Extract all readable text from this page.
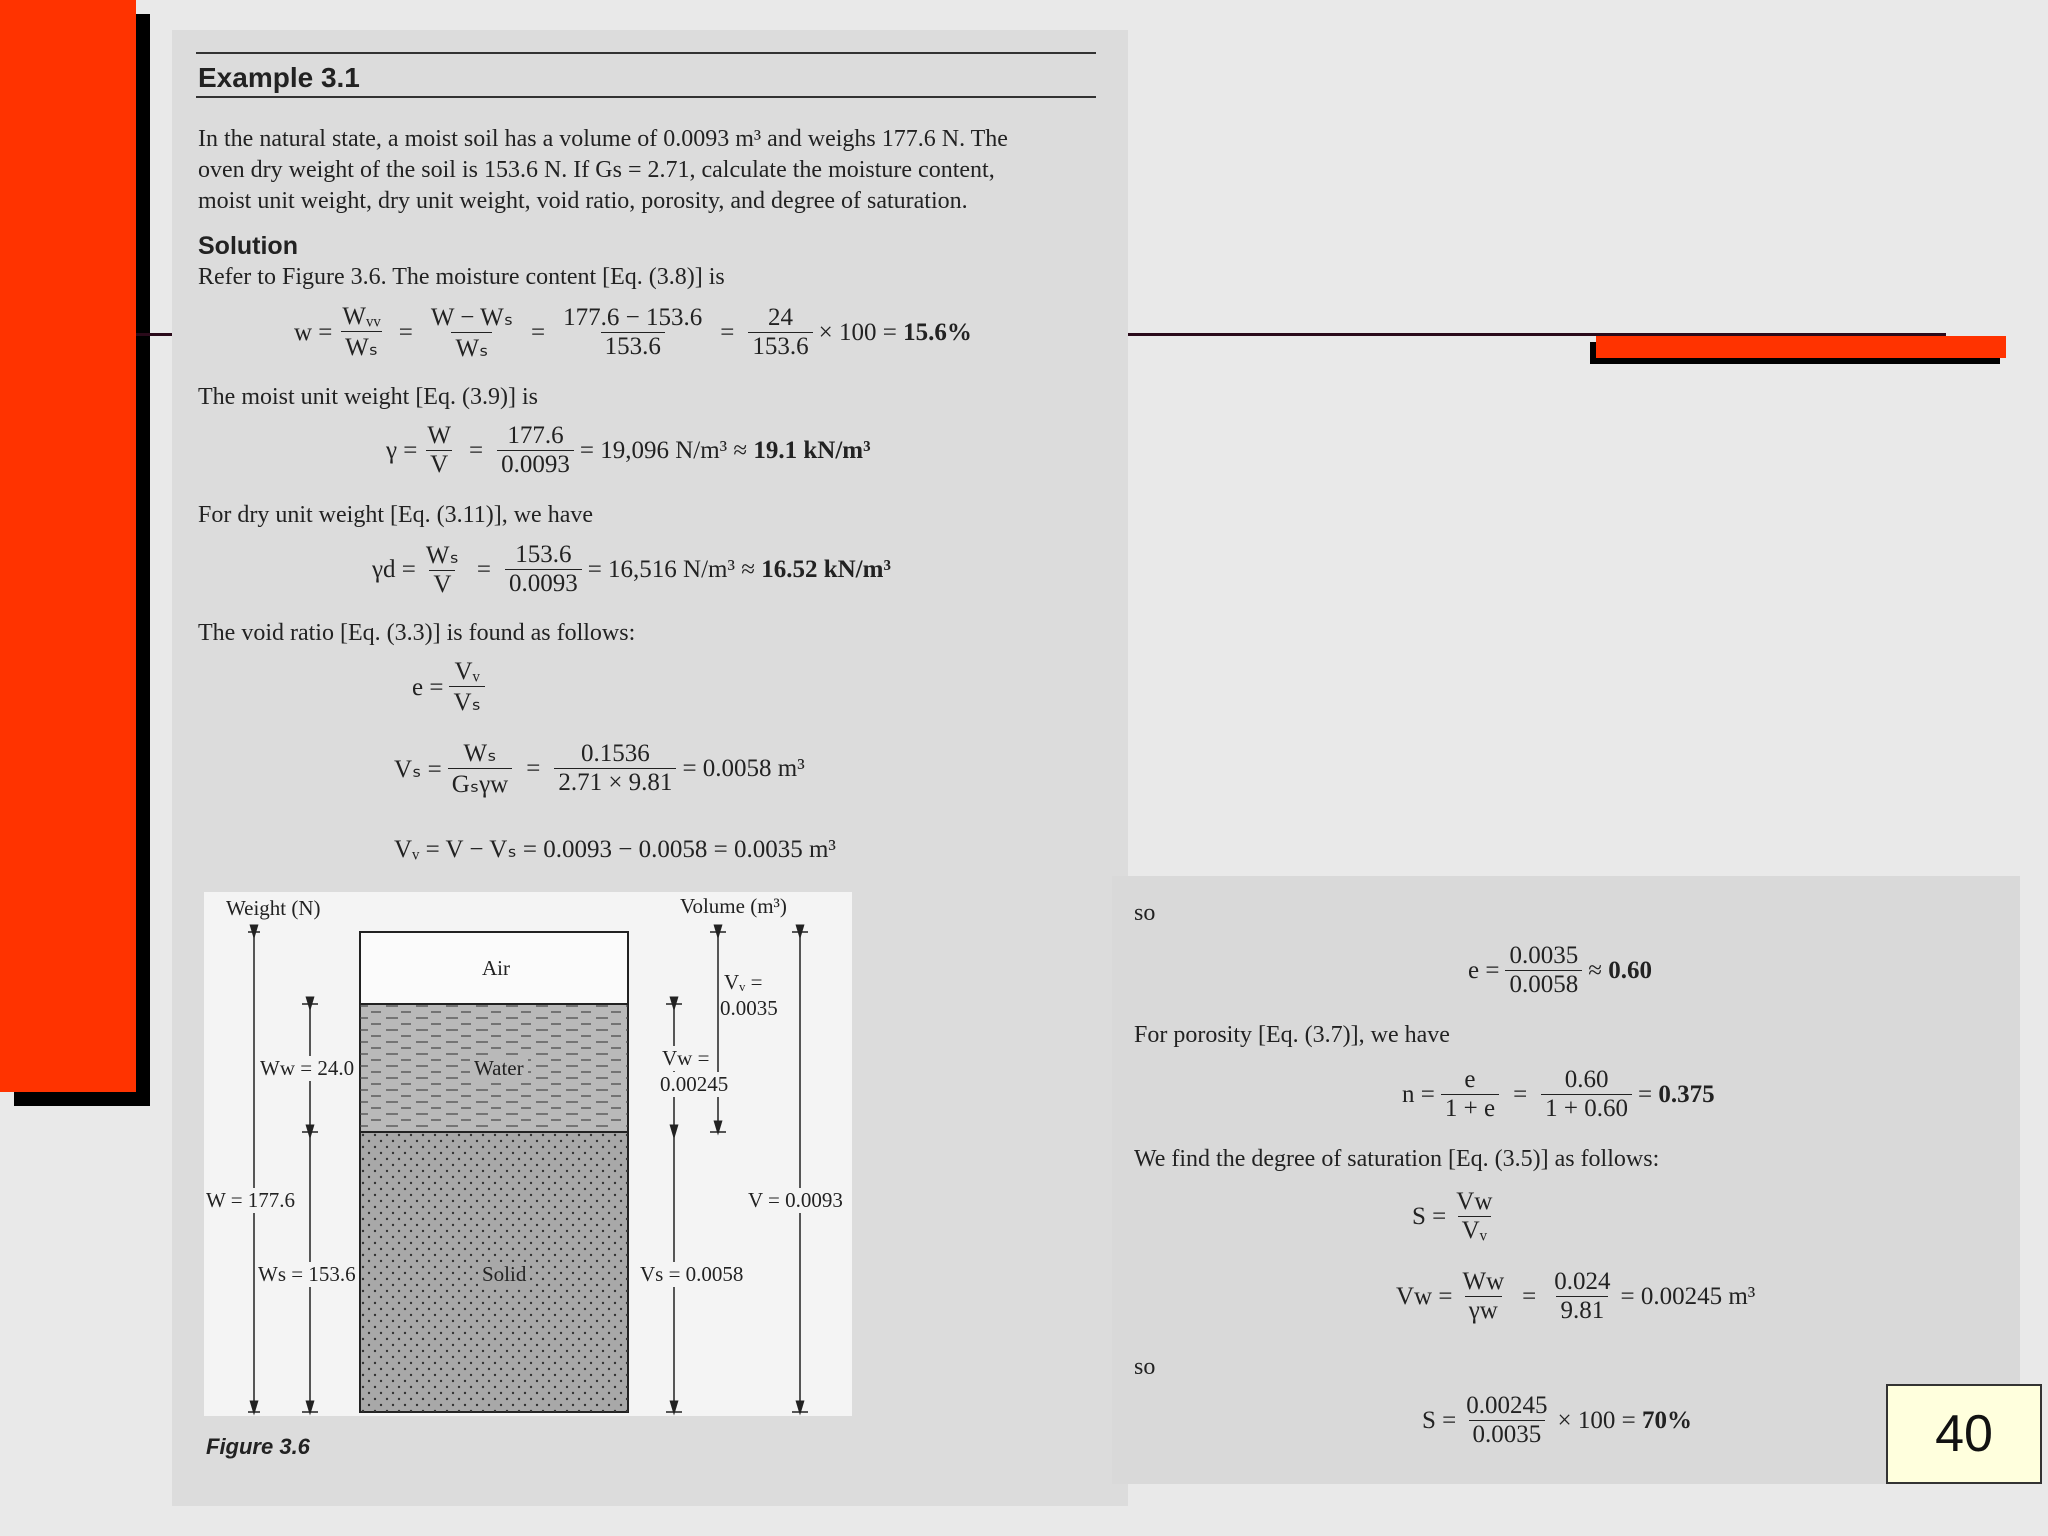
Example 3.1
In the natural state, a moist soil has a volume of 0.0093 m³ and weighs 177.6 N. The
oven dry weight of the soil is 153.6 N. If Gs = 2.71, calculate the moisture content,
moist unit weight, dry unit weight, void ratio, porosity, and degree of saturation.
Solution
Refer to Figure 3.6. The moisture content [Eq. (3.8)] is
$w = \frac{\text{Wᵥᵥ}}{\text{Wₛ}} = \frac{\text{W − Wₛ}}{\text{Wₛ}} = \frac{177.6 - 153.6}{153.6} = \frac{24}{153.6} \times 100$ =
15.6%
The moist unit weight [Eq. (3.9)] is
$\gamma = \frac{W}{V} = \frac{177.6}{0.0093} = 19,096$ N/m³ ≈
19.1 kN/m³
For dry unit weight [Eq. (3.11)], we have
$\gamma d = \frac{\text{Wₛ}}{V} = \frac{153.6}{0.0093} = 16,516$ N/m³ ≈
16.52 kN/m³
The void ratio [Eq. (3.3)] is found as follows:
$e = \frac{\text{Vᵥ}}{\text{Vₛ}}$
$V_s = \frac{\text{Wₛ}}{\text{Gₛγw}} = \frac{0.1536}{2.71 \times 9.81} = 0.0058$ m³
Vᵥ = V − Vₛ = 0.0093 − 0.0058 = 0.0035 m³
Weight (N)	Volume (m³)
Air
Water
Solid
Ww = 24.0
W = 177.6
Ws = 153.6
Vᵥ =
0.0035
Vw =
0.00245
V = 0.0093
Vs = 0.0058
Figure 3.6
so
$e = \frac{0.0035}{0.0058}$ ≈
0.60
For porosity [Eq. (3.7)], we have
$n = \frac{e}{1 + e} = \frac{0.60}{1 + 0.60}$ =
0.375
We find the degree of saturation [Eq. (3.5)] as follows:
$S = \frac{Vw}{\text{Vᵥ}}$
$Vw = \frac{Ww}{\gamma w} = \frac{0.024}{9.81} = 0.00245$ m³
so
$S = \frac{0.00245}{0.0035} \times 100$ =
70%	40
